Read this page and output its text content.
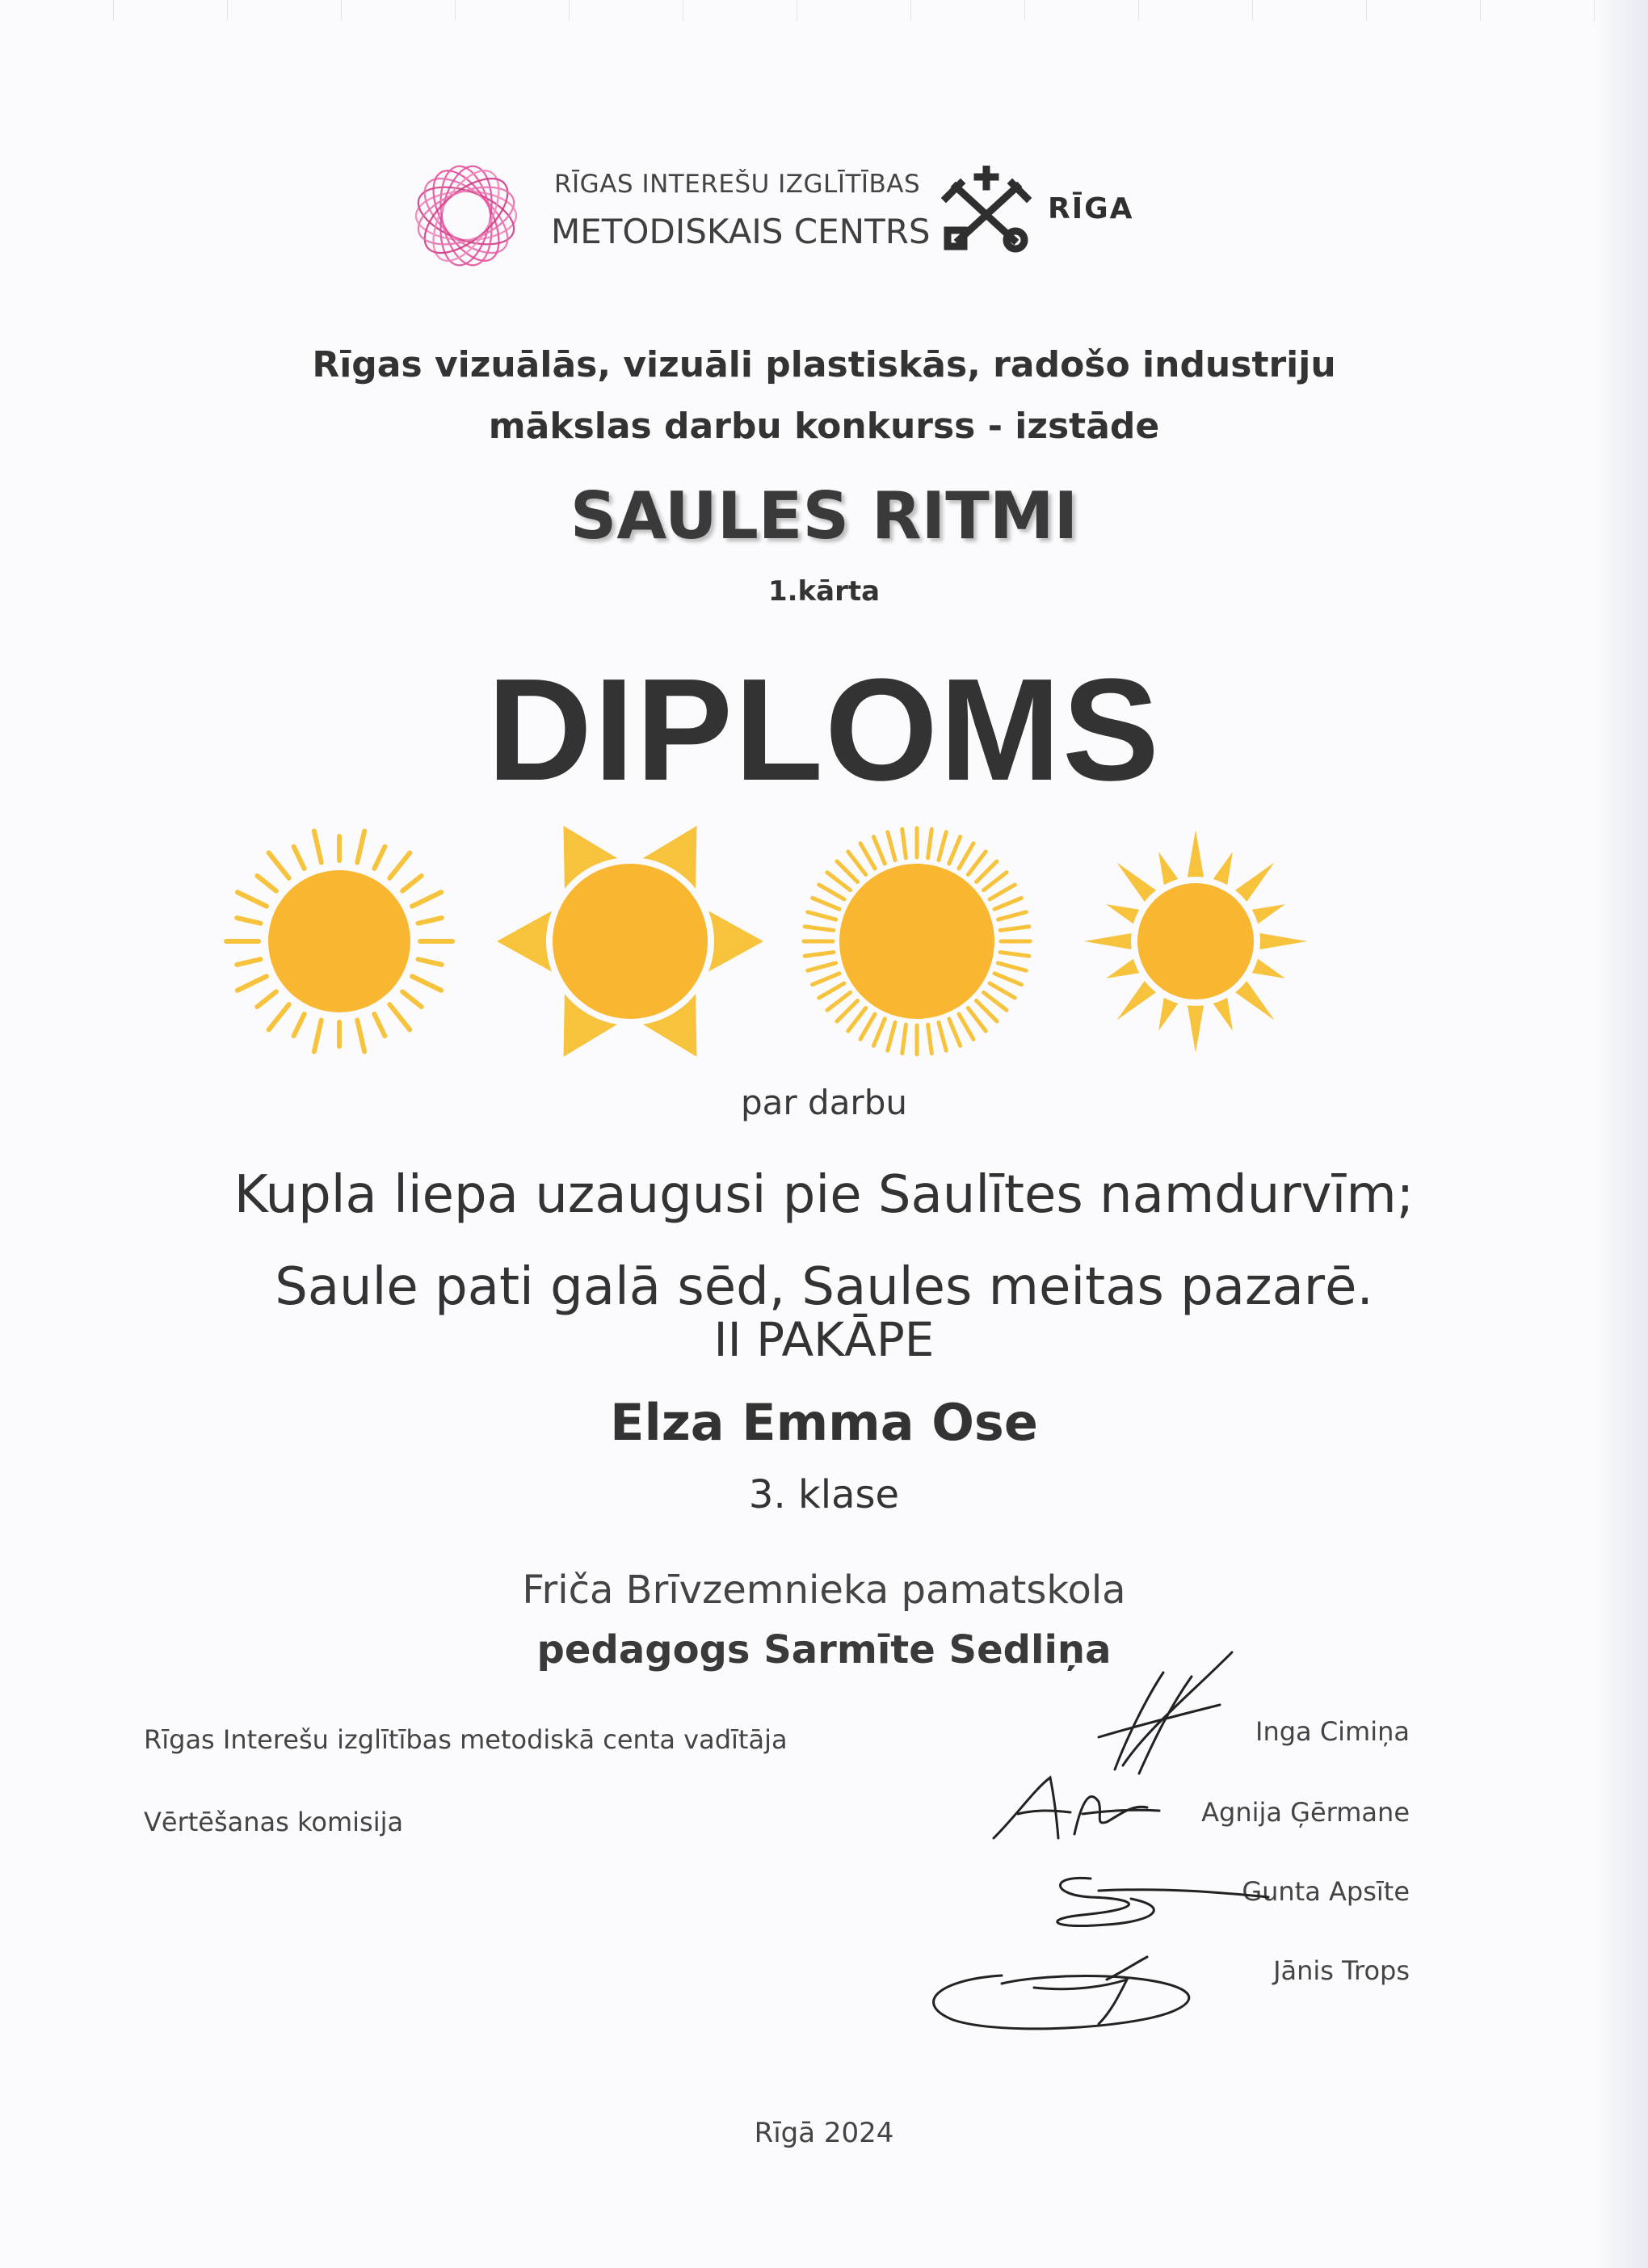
RĪGAS INTEREŠU IZGLĪTĪBAS
METODISKAIS CENTRS
RĪGA
Rīgas vizuālās, vizuāli plastiskās, radošo industriju
mākslas darbu konkurss - izstāde
SAULES RITMI
1.kārta
DIPLOMS
par darbu
Kupla liepa uzaugusi pie Saulītes namdurvīm;
Saule pati galā sēd, Saules meitas pazarē.
II PAKĀPE
Elza Emma Ose
3. klase
Friča Brīvzemnieka pamatskola
pedagogs Sarmīte Sedliņa
Rīgas Interešu izglītības metodiskā centa vadītāja
Vērtēšanas komisija
Inga Cimiņa
Agnija Ģērmane
Gunta Apsīte
Jānis Trops
Rīgā 2024
